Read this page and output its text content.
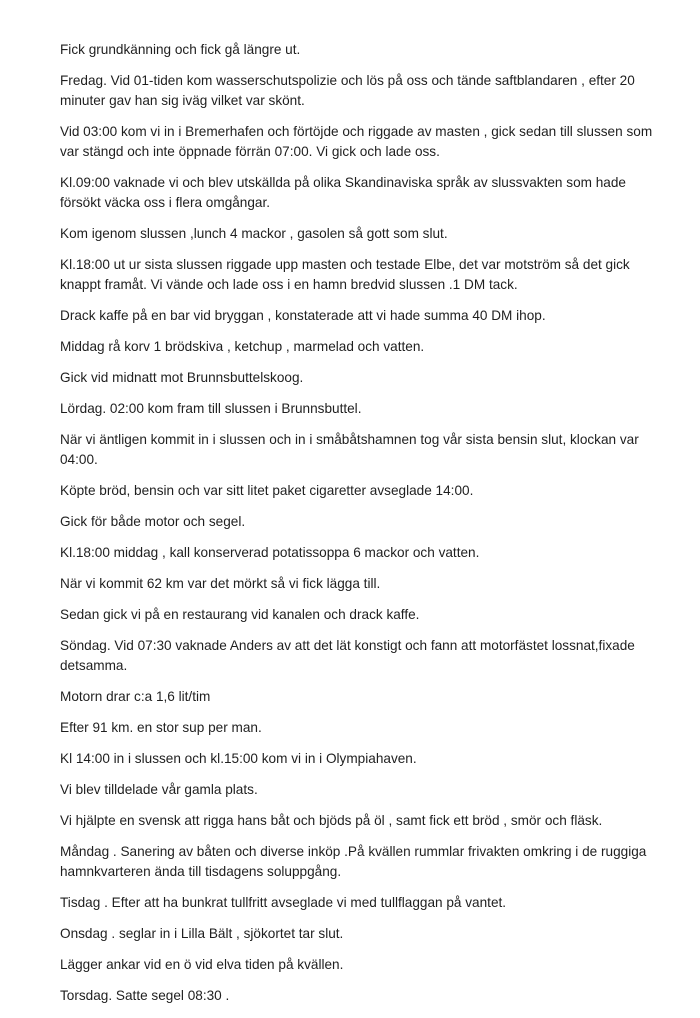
Fick grundkänning och fick gå längre ut.

Fredag. Vid 01-tiden kom wasserschutspolizie och lös på oss och tände saftblandaren , efter 20 minuter gav han sig iväg vilket var skönt.

Vid 03:00 kom vi in i Bremerhafen och förtöjde och riggade av masten , gick sedan till slussen som var stängd och inte öppnade förrän 07:00. Vi gick och lade oss.

Kl.09:00 vaknade vi och blev utskällda på olika Skandinaviska språk av slussvakten som hade försökt väcka oss i flera omgångar.

Kom igenom slussen ,lunch 4 mackor , gasolen så gott som slut.

Kl.18:00 ut ur sista slussen riggade upp masten och testade Elbe, det var motström så det gick knappt framåt. Vi vände och lade oss i en hamn bredvid slussen .1 DM tack.

Drack kaffe på en bar vid bryggan , konstaterade att vi hade summa 40 DM ihop.

Middag rå korv 1 brödskiva , ketchup , marmelad och vatten.

Gick vid midnatt mot Brunnsbuttelskoog.

Lördag. 02:00 kom fram till slussen i Brunnsbuttel.

När vi äntligen kommit in i slussen och in i småbåtshamnen tog vår sista bensin slut, klockan var 04:00.

Köpte bröd, bensin och var sitt litet paket cigaretter avseglade 14:00.

Gick för både motor och segel.

Kl.18:00 middag , kall konserverad potatissoppa 6 mackor och vatten.

När vi kommit 62 km var det mörkt så vi fick lägga till.

Sedan gick vi på en restaurang vid kanalen och drack kaffe.

Söndag. Vid 07:30 vaknade Anders av att det lät konstigt och fann att motorfästet lossnat,fixade detsamma.

Motorn drar c:a 1,6 lit/tim

Efter 91 km. en stor sup per man.

Kl 14:00 in i slussen och kl.15:00 kom vi in i Olympiahaven.

Vi blev tilldelade vår gamla plats.

Vi hjälpte en svensk att rigga hans båt och bjöds på öl , samt fick ett bröd , smör och fläsk.

Måndag . Sanering av båten och diverse inköp .På kvällen rummlar frivakten omkring i de ruggiga hamnkvarteren ända till tisdagens soluppgång.

Tisdag . Efter att ha bunkrat tullfritt avseglade vi med tullflaggan på vantet.

Onsdag . seglar in i Lilla Bält , sjökortet tar slut.

Lägger ankar vid en ö vid elva tiden på kvällen.

Torsdag. Satte segel 08:30 .
